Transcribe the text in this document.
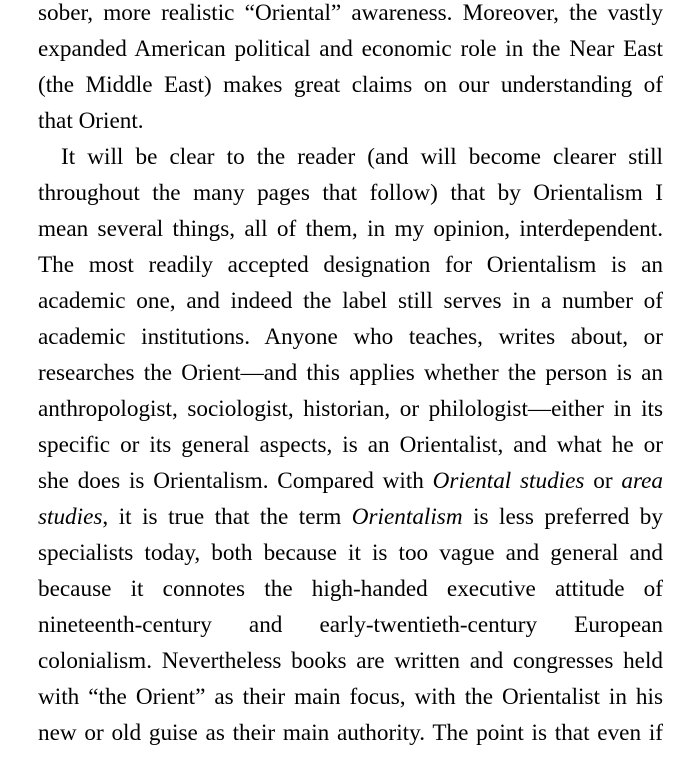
sober, more realistic “Oriental” awareness. Moreover, the vastly
expanded American political and economic role in the Near East
(the Middle East) makes great claims on our understanding of
that Orient.
It will be clear to the reader (and will become clearer still
throughout the many pages that follow) that by Orientalism I
mean several things, all of them, in my opinion, interdependent.
The most readily accepted designation for Orientalism is an
academic one, and indeed the label still serves in a number of
academic institutions. Anyone who teaches, writes about, or
researches the Orient—and this applies whether the person is an
anthropologist, sociologist, historian, or philologist—either in its
specific or its general aspects, is an Orientalist, and what he or
she does is Orientalism. Compared with Oriental studies or area
studies, it is true that the term Orientalism is less preferred by
specialists today, both because it is too vague and general and
because it connotes the high-handed executive attitude of
nineteenth-century and early-twentieth-century European
colonialism. Nevertheless books are written and congresses held
with “the Orient” as their main focus, with the Orientalist in his
new or old guise as their main authority. The point is that even if
